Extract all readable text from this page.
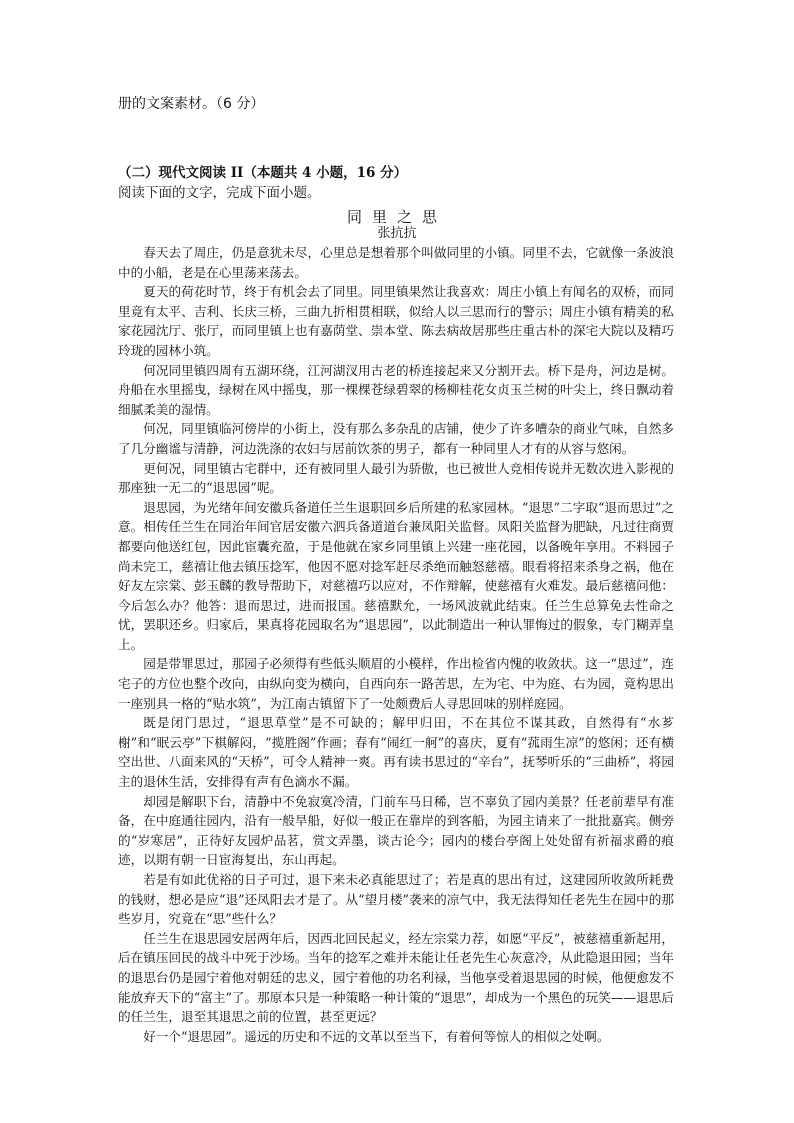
册的文案素材。（6 分）
（二）现代文阅读 II（本题共 4 小题，16 分）
阅读下面的文字，完成下面小题。
同里之思
张抗抗

春天去了周庄，仍是意犹未尽，心里总是想着那个叫做同里的小镇。同里不去，它就像一条波浪中的小船，老是在心里荡来荡去。

夏天的荷花时节，终于有机会去了同里。同里镇果然让我喜欢：周庄小镇上有闻名的双桥，而同里竟有太平、吉利、长庆三桥，三曲九折相贯相联，似给人以三思而行的警示；周庄小镇有精美的私家花园沈厅、张厅，而同里镇上也有嘉荫堂、崇本堂、陈去病故居那些庄重古朴的深宅大院以及精巧玲珑的园林小筑。

何况同里镇四周有五湖环绕，江河湖汊用古老的桥连接起来又分割开去。桥下是舟，河边是树。舟船在水里摇曳，绿树在风中摇曳，那一棵棵苍绿碧翠的杨柳桂花女贞玉兰树的叶尖上，终日飘动着细腻柔美的湿情。

何况，同里镇临河傍岸的小街上，没有那么多杂乱的店铺，使少了许多嘈杂的商业气味，自然多了几分幽谧与清静，河边洗涤的农妇与居前饮茶的男子，都有一种同里人才有的从容与悠闲。

更何况，同里镇古宅群中，还有被同里人最引为骄傲，也已被世人竞相传说并无数次进入影视的那座独一无二的“退思园”呢。

退思园，为光绪年间安徽兵备道任兰生退职回乡后所建的私家园林。“退思”二字取“退而思过”之意。相传任兰生在同治年间官居安徽六泗兵备道道台兼凤阳关监督。凤阳关监督为肥缺，凡过往商贾都要向他送红包，因此宦囊充盈，于是他就在家乡同里镇上兴建一座花园，以备晚年享用。不料园子尚未完工，慈禧让他去镇压捻军，他因不愿对捻军赶尽杀绝而触怒慈禧。眼看将招来杀身之祸，他在好友左宗棠、彭玉麟的教导帮助下，对慈禧巧以应对，不作辩解，使慈禧有火难发。最后慈禧问他：今后怎么办？他答：退而思过，进而报国。慈禧默允，一场风波就此结束。任兰生总算免去性命之忧，罢职还乡。归家后，果真将花园取名为“退思园”，以此制造出一种认罪悔过的假象，专门糊弄皇上。

园是带罪思过，那园子必须得有些低头顺眉的小模样，作出检省内愧的收敛状。这一“思过”，连宅子的方位也整个改向，由纵向变为横向，自西向东一路苦思，左为宅、中为庭、右为园，竟构思出一座别具一格的“贴水筑”，为江南古镇留下了一处颇费后人寻思回味的别样庭园。

既是闭门思过，“退思草堂”是不可缺的；解甲归田，不在其位不谋其政，自然得有“水芗榭”和“眠云亭”下棋解闷，“揽胜阁”作画；春有“闹红一舸”的喜庆，夏有“菰雨生凉”的悠闲；还有横空出世、八面来风的“天桥”，可令人精神一爽。再有读书思过的“辛台”，抚琴听乐的“三曲桥”，将园主的退休生活，安排得有声有色滴水不漏。

却园是解职下台，清静中不免寂寞冷清，门前车马日稀，岂不辜负了园内美景？任老前辈早有准备，在中庭通往园内，沿有一般旱船，好似一般正在靠岸的到客船，为园主请来了一批批嘉宾。侧旁的“岁寒居”，正待好友园炉品茗，赏文弄墨，谈古论今；园内的楼台亭阁上处处留有祈福求爵的痕迹，以期有朝一日宦海复出，东山再起。

若是有如此优裕的日子可过，退下来未必真能思过了；若是真的思出有过，这建园所收敛所耗费的钱财，想必是应“退”还凤阳去才是了。从“望月楼”袭来的凉气中，我无法得知任老先生在园中的那些岁月，究竟在“思”些什么？

任兰生在退思园安居两年后，因西北回民起义，经左宗棠力荐，如愿“平反”，被慈禧重新起用，后在镇压回民的战斗中死于沙场。当年的捻军之难并未能让任老先生心灰意冷，从此隐退田园；当年的退思台仍是园宁着他对朝廷的忠义，园宁着他的功名利禄，当他享受着退思园的时候，他便愈发不能放弃天下的“富主”了。那原本只是一种策略一种计策的“退思”，却成为一个黑色的玩笑——退思后的任兰生，退至其退思之前的位置，甚至更远？

好一个“退思园”。遥远的历史和不远的文革以至当下，有着何等惊人的相似之处啊。
